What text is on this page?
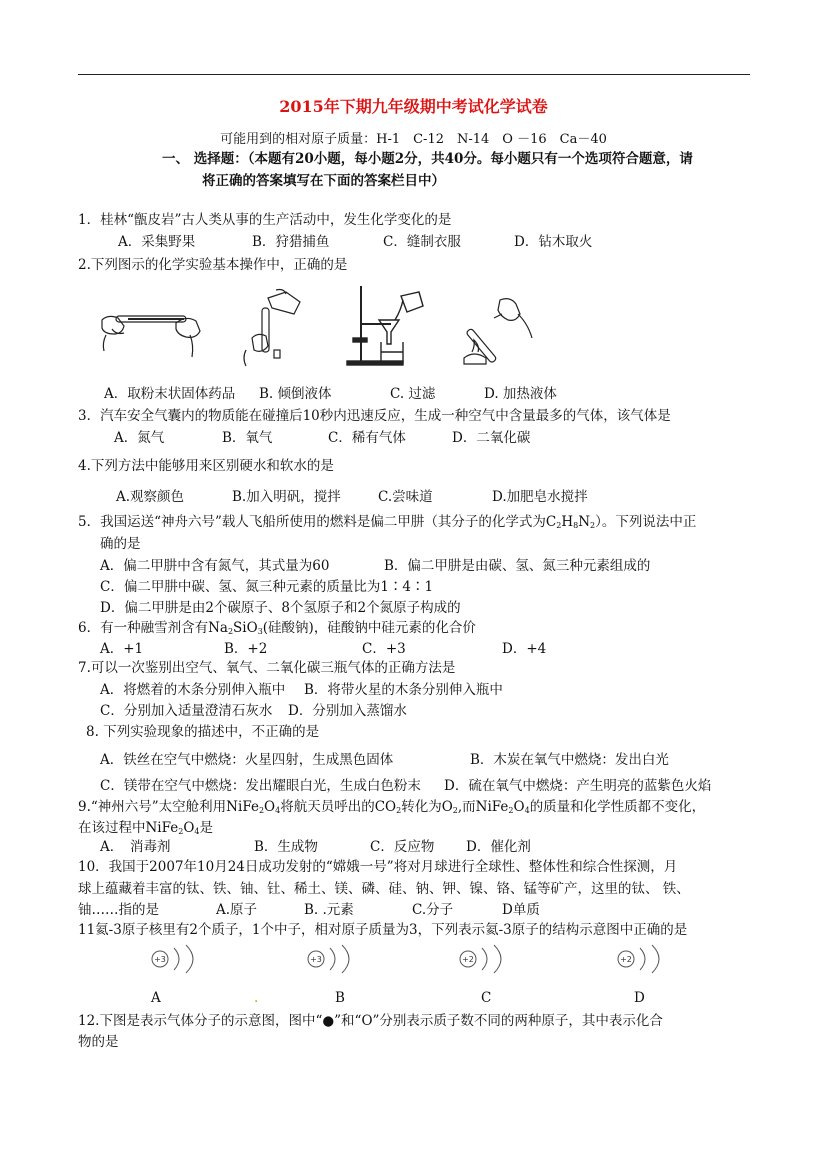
2015年下期九年级期中考试化学试卷
可能用到的相对原子质量：H-1　C-12　N-14　O －16　Ca－40
一、 选择题：（本题有20小题，每小题2分，共40分。每小题只有一个选项符合题意，请
将正确的答案填写在下面的答案栏目中）
1．桂林“甑皮岩”古人类从事的生产活动中，发生化学变化的是
A．采集野果	B．狩猎捕鱼	C．缝制衣服	D．钻木取火
2.下列图示的化学实验基本操作中，正确的是
A．取粉末状固体药品 B. 倾倒液体	C. 过滤	D. 加热液体
3．汽车安全气囊内的物质能在碰撞后10秒内迅速反应，生成一种空气中含量最多的气体，该气体是
A．氮气	B．氧气	C．稀有气体	D．二氧化碳
4.下列方法中能够用来区别硬水和软水的是
A.观察颜色	B.加入明矾，搅拌	C.尝味道	D.加肥皂水搅拌
5．我国运送“神舟六号”载人飞船所使用的燃料是偏二甲肼（其分子的化学式为$C_2H_8N_2$）。下列说法中正
确的是
A．偏二甲肼中含有氮气，其式量为60	B．偏二甲肼是由碳、氢、氮三种元素组成的
C．偏二甲肼中碳、氢、氮三种元素的质量比为1∶4∶1
D．偏二甲肼是由2个碳原子、8个氢原子和2个氮原子构成的
6．有一种融雪剂含有$Na_2SiO_3$(硅酸钠)，硅酸钠中硅元素的化合价
A．+1	B．+2	C．+3	D．+4
7.可以一次鉴别出空气、氧气、二氧化碳三瓶气体的正确方法是
A．将燃着的木条分别伸入瓶中 B．将带火星的木条分别伸入瓶中
C．分别加入适量澄清石灰水 D．分别加入蒸馏水
8. 下列实验现象的描述中，不正确的是
A．铁丝在空气中燃烧：火星四射，生成黑色固体	B．木炭在氧气中燃烧：发出白光
C．镁带在空气中燃烧：发出耀眼白光，生成白色粉末 D．硫在氧气中燃烧：产生明亮的蓝紫色火焰
9.“神州六号”太空舱利用$NiFe_2O_4$将航天员呼出的$CO_2$转化为$O_2$,而$NiFe_2O_4$的质量和化学性质都不变化，
在该过程中$NiFe_2O_4$是
A．　消毒剂	B．生成物	C．反应物 D．催化剂
10．我国于2007年10月24日成功发射的“嫦娥一号”将对月球进行全球性、整体性和综合性探测，月
球上蕴藏着丰富的钛、铁、铀、钍、稀土、镁、磷、硅、钠、钾、镍、铬、锰等矿产，这里的钛、 铁、
铀……指的是	A.原子	B. .元素	C.分子	D单质
11氦-3原子核里有2个质子，1个中子，相对原子质量为3，下列表示氦-3原子的结构示意图中正确的是
+3	+3	+2	+2
A	.	B	C	D
12.下图是表示气体分子的示意图，图中“●”和“O”分别表示质子数不同的两种原子，其中表示化合
物的是
